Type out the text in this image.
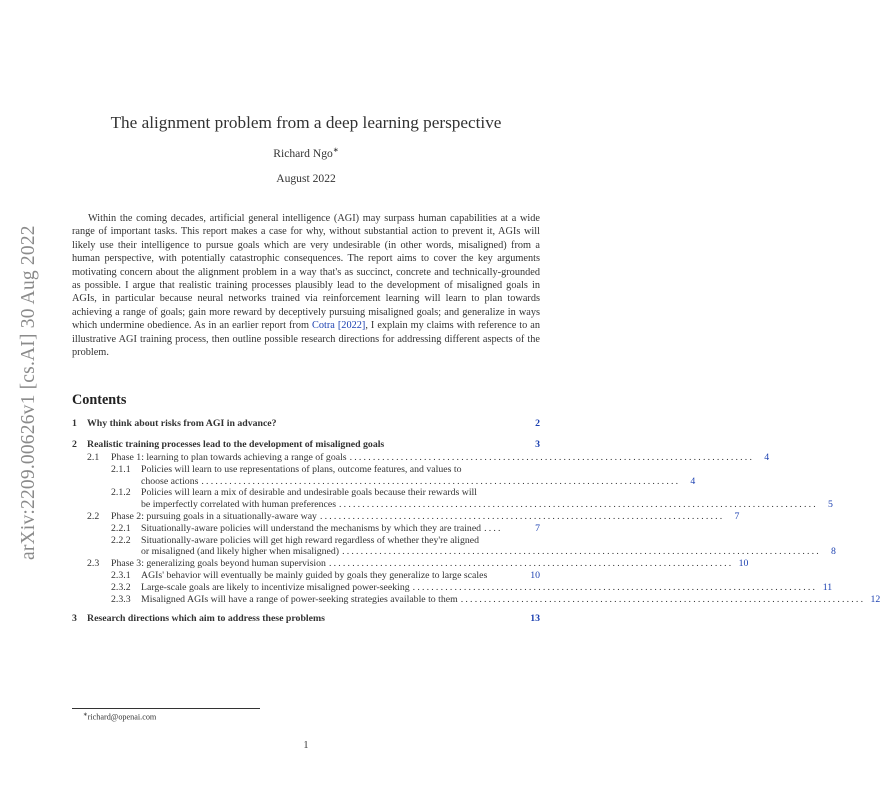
arXiv:2209.00626v1 [cs.AI] 30 Aug 2022
The alignment problem from a deep learning perspective
Richard Ngo∗
August 2022

Within the coming decades, artificial general intelligence (AGI) may surpass human capabilities at a wide range of important tasks. This report makes a case for why, without substantial action to prevent it, AGIs will likely use their intelligence to pursue goals which are very undesirable (in other words, misaligned) from a human perspective, with potentially catastrophic consequences. The report aims to cover the key arguments motivating concern about the alignment problem in a way that's as succinct, concrete and technically-grounded as possible. I argue that realistic training processes plausibly lead to the development of misaligned goals in AGIs, in particular because neural networks trained via reinforcement learning will learn to plan towards achieving a range of goals; gain more reward by deceptively pursuing misaligned goals; and generalize in ways which undermine obedience. As in an earlier report from Cotra [2022], I explain my claims with reference to an illustrative AGI training process, then outline possible research directions for addressing different aspects of the problem.

Contents
1	Why think about risks from AGI in advance?	2
2	Realistic training processes lead to the development of misaligned goals	3
2.1	Phase 1: learning to plan towards achieving a range of goals .......................................................................................	4
2.1.1	Policies will learn to use representations of plans, outcome features, and values to
choose actions .......................................................................................................	4
2.1.2	Policies will learn a mix of desirable and undesirable goals because their rewards will
be imperfectly correlated with human preferences .......................................................................................................	5
2.2	Phase 2: pursuing goals in a situationally-aware way .......................................................................................	7
2.2.1	Situationally-aware policies will understand the mechanisms by which they are trained ....	7
2.2.2	Situationally-aware policies will get high reward regardless of whether they're aligned
or misaligned (and likely higher when misaligned) .......................................................................................................	8
2.3	Phase 3: generalizing goals beyond human supervision ....................................................................................... 10
2.3.1	AGIs' behavior will eventually be mainly guided by goals they generalize to large scales	10
2.3.2	Large-scale goals are likely to incentivize misaligned power-seeking ....................................................................................... 11
2.3.3	Misaligned AGIs will have a range of power-seeking strategies available to them ....................................................................................... 12
3	Research directions which aim to address these problems	13
∗richard@openai.com
1
